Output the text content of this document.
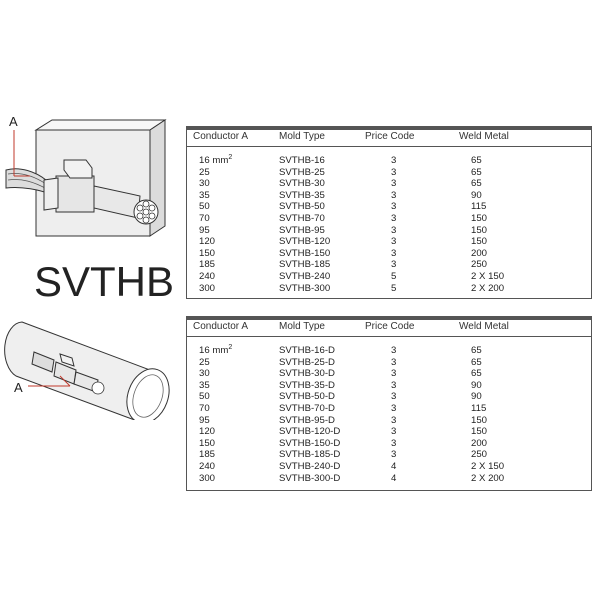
A
SVTHB
A
Conductor A	Mold Type	Price Code	Weld Metal
16 $mm^2$	SVTHB-16	3	65
25	SVTHB-25	3	65
30	SVTHB-30	3	65
35	SVTHB-35	3	90
50	SVTHB-50	3	115
70	SVTHB-70	3	150
95	SVTHB-95	3	150
120	SVTHB-120	3	150
150	SVTHB-150	3	200
185	SVTHB-185	3	250
240	SVTHB-240	5	2 X 150
300	SVTHB-300	5	2 X 200
Conductor A	Mold Type	Price Code	Weld Metal
16 $mm^2$	SVTHB-16-D	3	65
25	SVTHB-25-D	3	65
30	SVTHB-30-D	3	65
35	SVTHB-35-D	3	90
50	SVTHB-50-D	3	90
70	SVTHB-70-D	3	115
95	SVTHB-95-D	3	150
120	SVTHB-120-D	3	150
150	SVTHB-150-D	3	200
185	SVTHB-185-D	3	250
240	SVTHB-240-D	4	2 X 150
300	SVTHB-300-D	4	2 X 200
